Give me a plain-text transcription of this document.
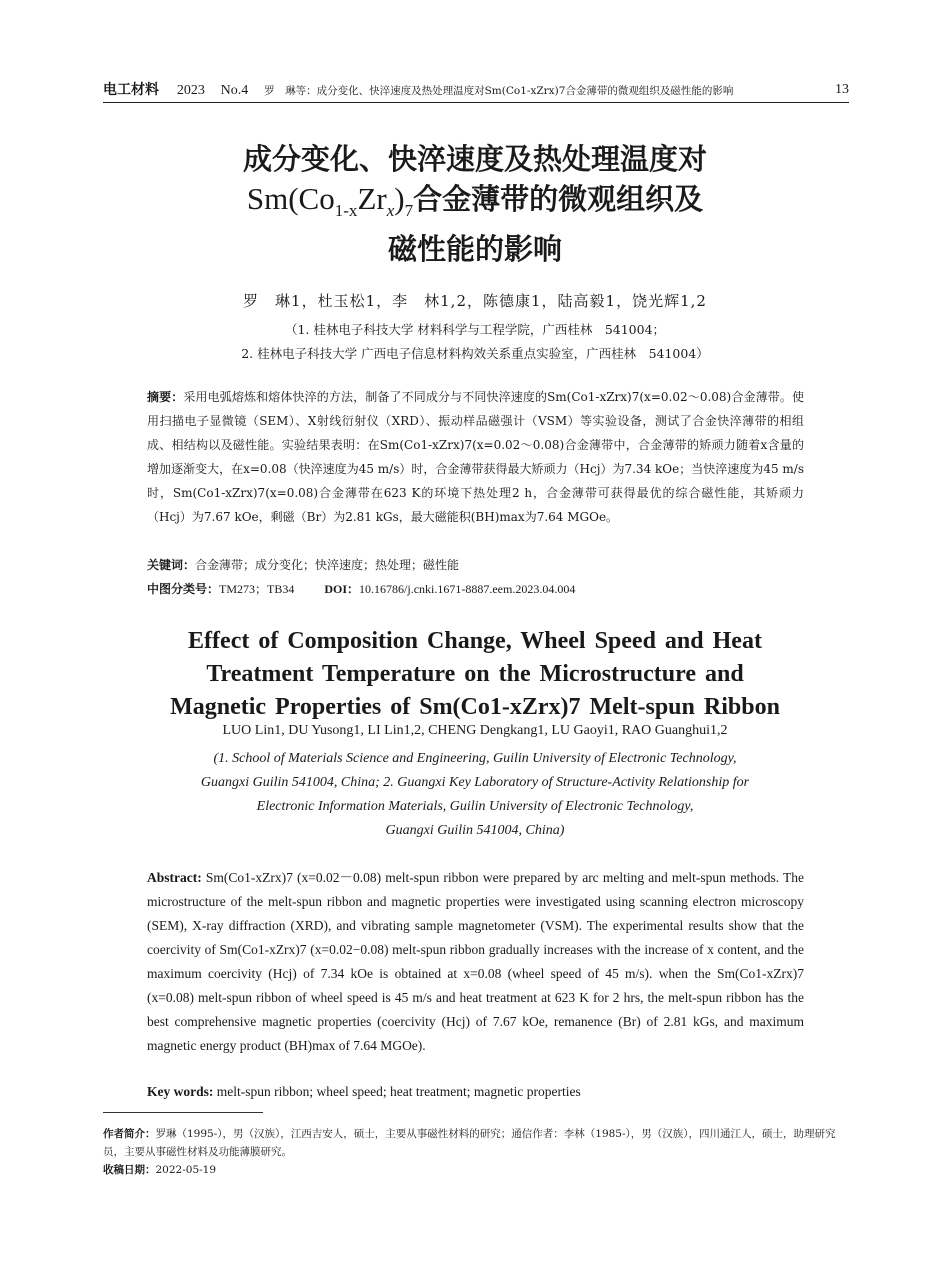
电工材料 2023 No.4 罗　琳等：成分变化、快淬速度及热处理温度对Sm(Co1-xZrx)7合金薄带的微观组织及磁性能的影响	13
成分变化、快淬速度及热处理温度对
$Sm(Co_{1-x}Zr_x)_7$合金薄带的微观组织及
磁性能的影响

罗　琳1，杜玉松1，李　林1,2，陈德康1，陆高毅1，饶光辉1,2

（1. 桂林电子科技大学 材料科学与工程学院，广西桂林　541004；
2. 桂林电子科技大学 广西电子信息材料构效关系重点实验室，广西桂林　541004）

摘要：采用电弧熔炼和熔体快淬的方法，制备了不同成分与不同快淬速度的Sm(Co1-xZrx)7(x=0.02～0.08)合金薄带。使用扫描电子显微镜（SEM）、X射线衍射仪（XRD）、振动样品磁强计（VSM）等实验设备，测试了合金快淬薄带的相组成、相结构以及磁性能。实验结果表明：在Sm(Co1-xZrx)7(x=0.02～0.08)合金薄带中，合金薄带的矫顽力随着x含量的增加逐渐变大，在x=0.08（快淬速度为45 m/s）时，合金薄带获得最大矫顽力（Hcj）为7.34 kOe；当快淬速度为45 m/s时，Sm(Co1-xZrx)7(x=0.08)合金薄带在623 K的环境下热处理2 h，合金薄带可获得最优的综合磁性能，其矫顽力（Hcj）为7.67 kOe，剩磁（Br）为2.81 kGs，最大磁能积(BH)max为7.64 MGOe。

关键词：合金薄带；成分变化；快淬速度；热处理；磁性能

中图分类号：TM273；TB34	DOI：10.16786/j.cnki.1671-8887.eem.2023.04.004

Effect of Composition Change, Wheel Speed and Heat
Treatment Temperature on the Microstructure and
Magnetic Properties of Sm(Co1-xZrx)7 Melt-spun Ribbon

LUO Lin1, DU Yusong1, LI Lin1,2, CHENG Dengkang1, LU Gaoyi1, RAO Guanghui1,2

(1. School of Materials Science and Engineering, Guilin University of Electronic Technology,
Guangxi Guilin 541004, China; 2. Guangxi Key Laboratory of Structure-Activity Relationship for
Electronic Information Materials, Guilin University of Electronic Technology,
Guangxi Guilin 541004, China)

Abstract: Sm(Co1-xZrx)7 (x=0.02－0.08) melt-spun ribbon were prepared by arc melting and melt-spun methods. The microstructure of the melt-spun ribbon and magnetic properties were investigated using scanning electron microscopy (SEM), X-ray diffraction (XRD), and vibrating sample magnetometer (VSM). The experimental results show that the coercivity of Sm(Co1-xZrx)7 (x=0.02−0.08) melt-spun ribbon gradually increases with the increase of x content, and the maximum coercivity (Hcj) of 7.34 kOe is obtained at x=0.08 (wheel speed of 45 m/s). when the Sm(Co1-xZrx)7 (x=0.08) melt-spun ribbon of wheel speed is 45 m/s and heat treatment at 623 K for 2 hrs, the melt-spun ribbon has the best comprehensive magnetic properties (coercivity (Hcj) of 7.67 kOe, remanence (Br) of 2.81 kGs, and maximum magnetic energy product (BH)max of 7.64 MGOe).

Key words: melt-spun ribbon; wheel speed; heat treatment; magnetic properties

作者简介：罗琳（1995-），男（汉族），江西吉安人，硕士，主要从事磁性材料的研究；通信作者：李林（1985-），男（汉族），四川通江人，硕士，助理研究员，主要从事磁性材料及功能薄膜研究。

收稿日期：2022-05-19
